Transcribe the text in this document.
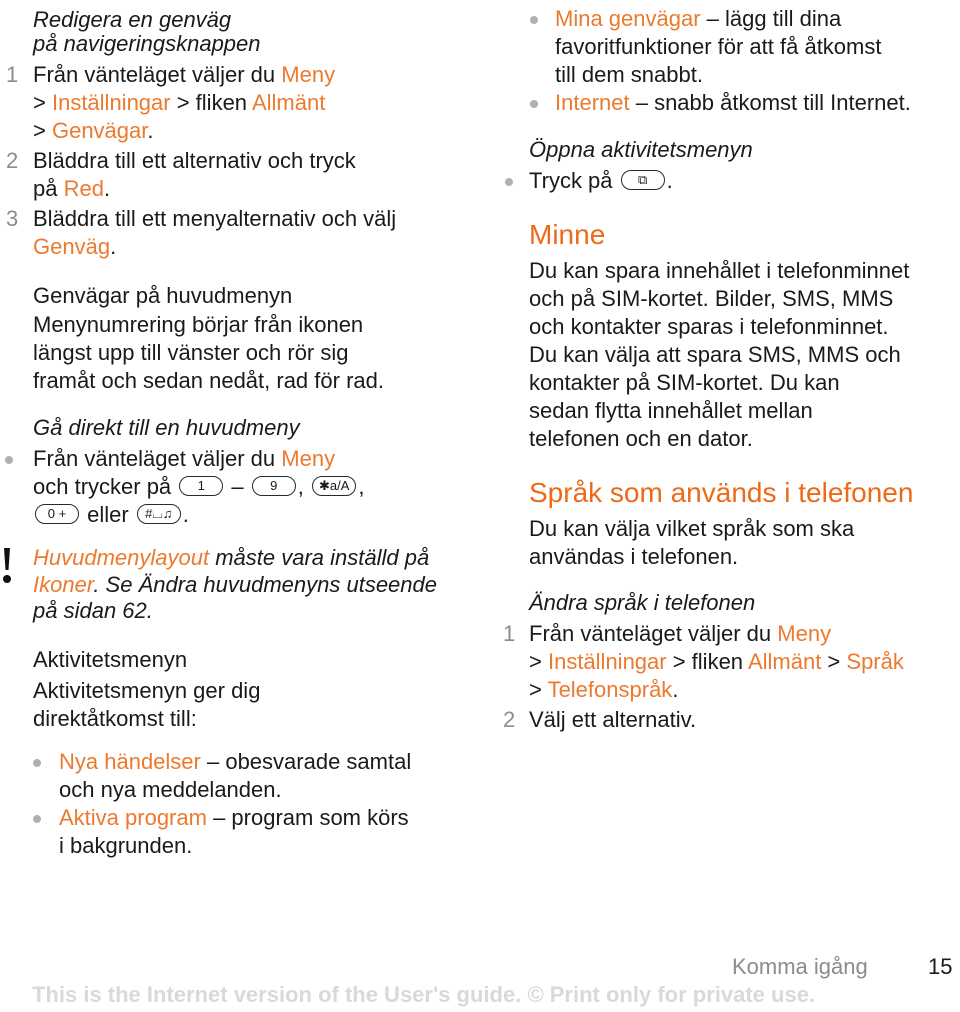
Redigera en genväg
på navigeringsknappen
1 Från vänteläget väljer du Meny
> Inställningar > fliken Allmänt
> Genvägar.
2 Bläddra till ett alternativ och tryck
på Red.
3 Bläddra till ett menyalternativ och välj
Genväg.
Genvägar på huvudmenyn
Menynumrering börjar från ikonen
längst upp till vänster och rör sig
framåt och sedan nedåt, rad för rad.
Gå direkt till en huvudmeny
Från vänteläget väljer du Meny
och trycker på 1 – 9 , ✱a/A ,
0 + eller #⌴♫ .
Huvudmenylayout måste vara inställd på
Ikoner. Se Ändra huvudmenyns utseende
på sidan 62.
Aktivitetsmenyn
Aktivitetsmenyn ger dig
direktåtkomst till:
Nya händelser – obesvarade samtal
och nya meddelanden.
Aktiva program – program som körs
i bakgrunden.
Mina genvägar – lägg till dina
favoritfunktioner för att få åtkomst
till dem snabbt.
Internet – snabb åtkomst till Internet.
Öppna aktivitetsmenyn
Tryck på ⧉ .
Minne
Du kan spara innehållet i telefonminnet
och på SIM-kortet. Bilder, SMS, MMS
och kontakter sparas i telefonminnet.
Du kan välja att spara SMS, MMS och
kontakter på SIM-kortet. Du kan
sedan flytta innehållet mellan
telefonen och en dator.
Språk som används i telefonen
Du kan välja vilket språk som ska
användas i telefonen.
Ändra språk i telefonen
1 Från vänteläget väljer du Meny
> Inställningar > fliken Allmänt > Språk
> Telefonspråk.
2 Välj ett alternativ.
Komma igång	15
This is the Internet version of the User's guide. © Print only for private use.
